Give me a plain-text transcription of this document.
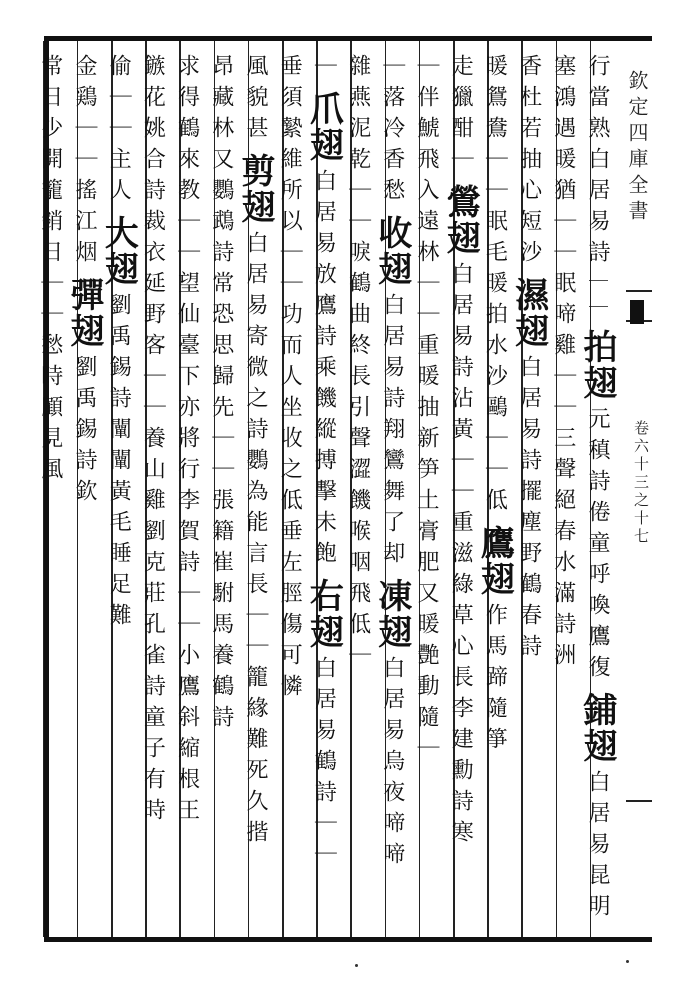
欽定四庫全書
卷六十三之十七
行當熟白居易詩｜｜拍翅元稹詩倦童呼喚鷹復鋪翅白居易昆明
塞鴻遇暖猶｜｜眠啼雞｜｜三聲絕春水滿詩洲
香杜若抽心短沙濕翅白居易詩擺塵野鶴春詩
暖鴛鴦｜｜眠毛暖拍水沙鷗｜｜低鷹翅作馬蹄隨箏
走獵酣｜鶯翅白居易詩沾黃｜｜重滋綠草心長李建勳詩寒
｜伴鯱飛入遠林｜｜重暖抽新笋土膏肥又暖艷動隨｜
｜落冷香愁收翅白居易詩翔鸞舞了却凍翅白居易烏夜啼啼
雜燕泥乾｜｜唳鶴曲終長引聲澀饑喉咽飛低｜
｜爪翅白居易放鷹詩乘饑縱搏擊未飽右翅白居易鶴詩｜｜
垂須縶維所以｜｜功而人坐收之低垂左脛傷可憐
風貌甚剪翅白居易寄微之詩鸚為能言長｜｜籠緣難死久揩
昂藏林又鸚鵡詩常恐思歸先｜｜張籍崔駙馬養鶴詩
求得鶴來教｜｜望仙臺下亦將行李賀詩｜｜小鷹斜縮根王
鏃花姚合詩裁衣延野客｜｜養山雞劉克莊孔雀詩童子有時
偷｜｜主人大翅劉禹錫詩闡闡黃毛睡足難
金鶏｜｜搖江烟彈翅劉禹錫詩欽
常日少開籠銷日｜｜愁時顧見風
